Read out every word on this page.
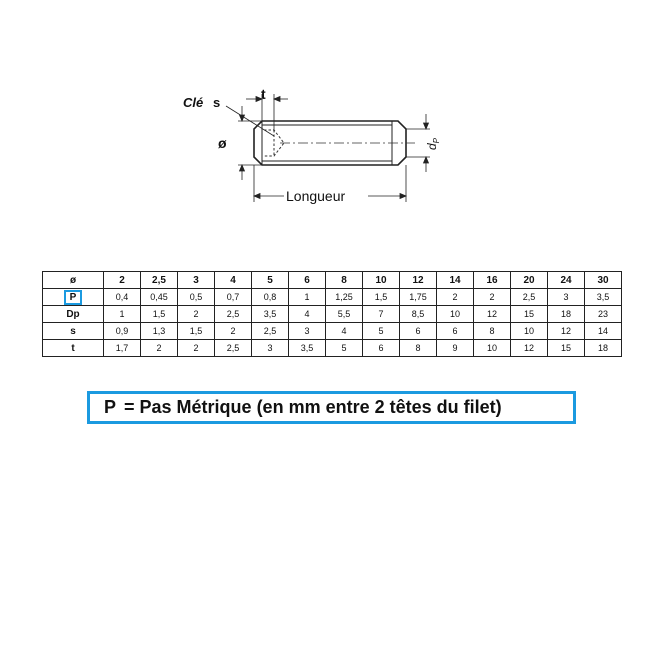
ø
t
Clé s
$d_P$
Longueur
ø	2	2,5	3	4	5	6	8	10	12	14	16	20	24	30
P	0,4	0,45	0,5	0,7	0,8	1	1,25	1,5	1,75	2	2	2,5	3	3,5
Dp	1	1,5	2	2,5	3,5	4	5,5	7	8,5	10	12	15	18	23
s	0,9	1,3	1,5	2	2,5	3	4	5	6	6	8	10	12	14
t	1,7	2	2	2,5	3	3,5	5	6	8	9	10	12	15	18
P = Pas Métrique (en mm entre 2 têtes du filet)
